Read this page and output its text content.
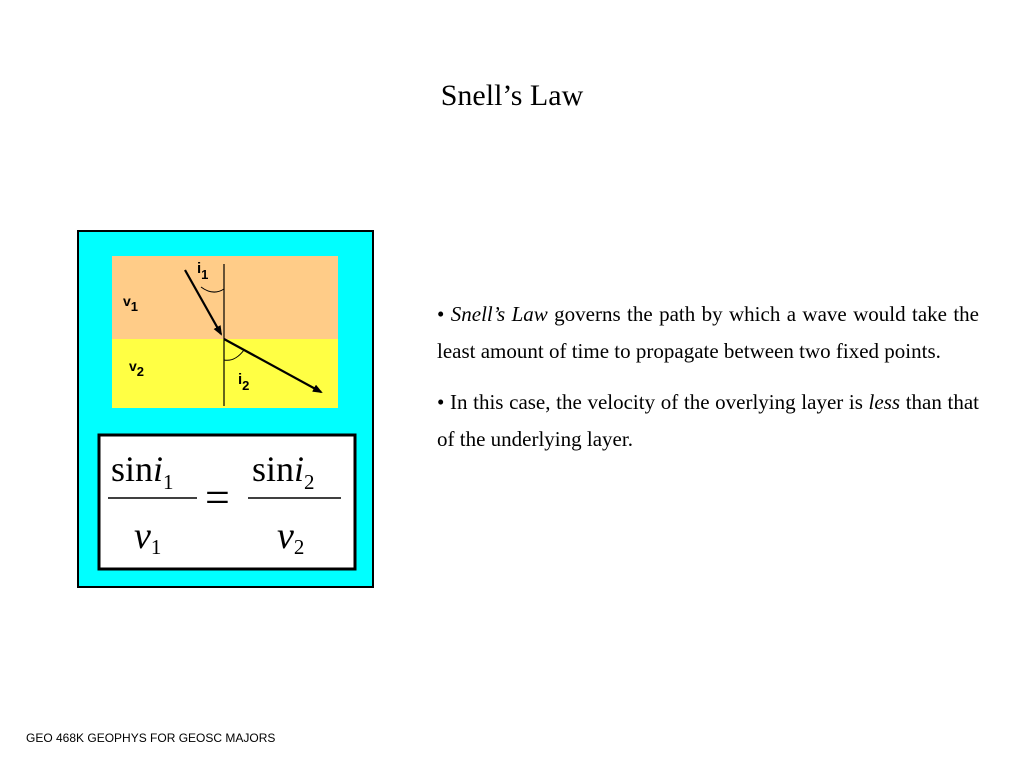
Snell’s Law
v1
v2
i1
i2
sini$_1$
v1
=
sini$_2$
v2

• Snell’s Law governs the path by which a wave would take the least amount of time to propagate between two fixed points.

• In this case, the velocity of the overlying layer is less than that of the underlying layer.

GEO 468K GEOPHYS FOR GEOSC MAJORS
